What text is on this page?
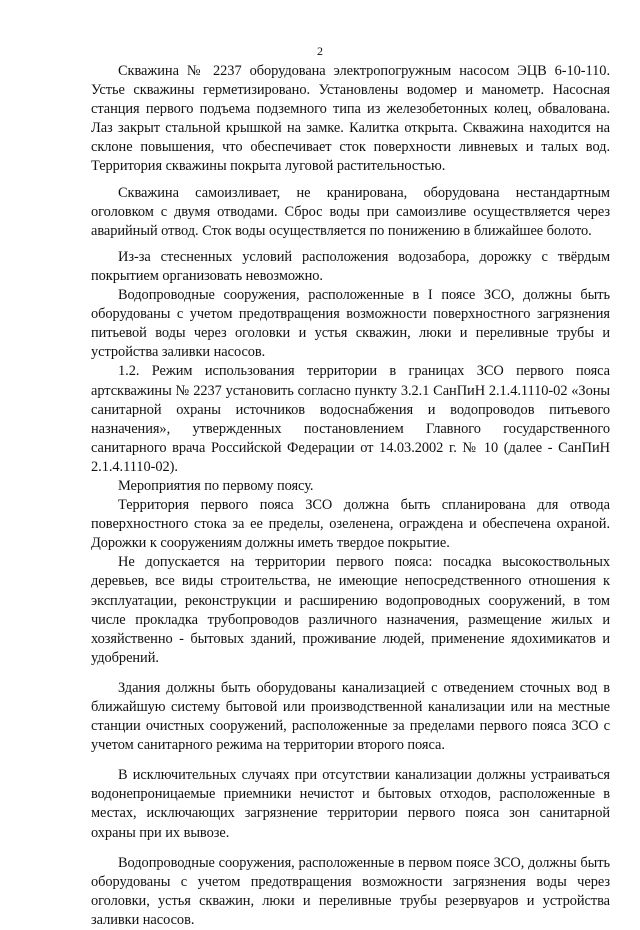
2

Скважина № 2237 оборудована электропогружным насосом ЭЦВ 6-10-110. Устье скважины герметизировано. Установлены водомер и манометр. Насосная станция первого подъема подземного типа из железобетонных колец, обвалована. Лаз закрыт стальной крышкой на замке. Калитка открыта. Скважина находится на склоне повышения, что обеспечивает сток поверхности ливневых и талых вод. Территория скважины покрыта луговой растительностью.

Скважина самоизливает, не кранирована, оборудована нестандартным оголовком с двумя отводами. Сброс воды при самоизливе осуществляется через аварийный отвод. Сток воды осуществляется по понижению в ближайшее болото.

Из-за стесненных условий расположения водозабора, дорожку с твёрдым покрытием организовать невозможно.

Водопроводные сооружения, расположенные в I поясе ЗСО, должны быть оборудованы с учетом предотвращения возможности поверхностного загрязнения питьевой воды через оголовки и устья скважин, люки и переливные трубы и устройства заливки насосов.

1.2. Режим использования территории в границах ЗСО первого пояса артскважины № 2237 установить согласно пункту 3.2.1 СанПиН 2.1.4.1110-02 «Зоны санитарной охраны источников водоснабжения и водопроводов питьевого назначения», утвержденных постановлением Главного государственного санитарного врача Российской Федерации от 14.03.2002 г. № 10 (далее - СанПиН 2.1.4.1110-02).

Мероприятия по первому поясу.

Территория первого пояса ЗСО должна быть спланирована для отвода поверхностного стока за ее пределы, озеленена, ограждена и обеспечена охраной. Дорожки к сооружениям должны иметь твердое покрытие.

Не допускается на территории первого пояса: посадка высокоствольных деревьев, все виды строительства, не имеющие непосредственного отношения к эксплуатации, реконструкции и расширению водопроводных сооружений, в том числе прокладка трубопроводов различного назначения, размещение жилых и хозяйственно - бытовых зданий, проживание людей, применение ядохимикатов и удобрений.

Здания должны быть оборудованы канализацией с отведением сточных вод в ближайшую систему бытовой или производственной канализации или на местные станции очистных сооружений, расположенные за пределами первого пояса ЗСО с учетом санитарного режима на территории второго пояса.

В исключительных случаях при отсутствии канализации должны устраиваться водонепроницаемые приемники нечистот и бытовых отходов, расположенные в местах, исключающих загрязнение территории первого пояса зон санитарной охраны при их вывозе.

Водопроводные сооружения, расположенные в первом поясе ЗСО, должны быть оборудованы с учетом предотвращения возможности загрязнения воды через оголовки, устья скважин, люки и переливные трубы резервуаров и устройства заливки насосов.
